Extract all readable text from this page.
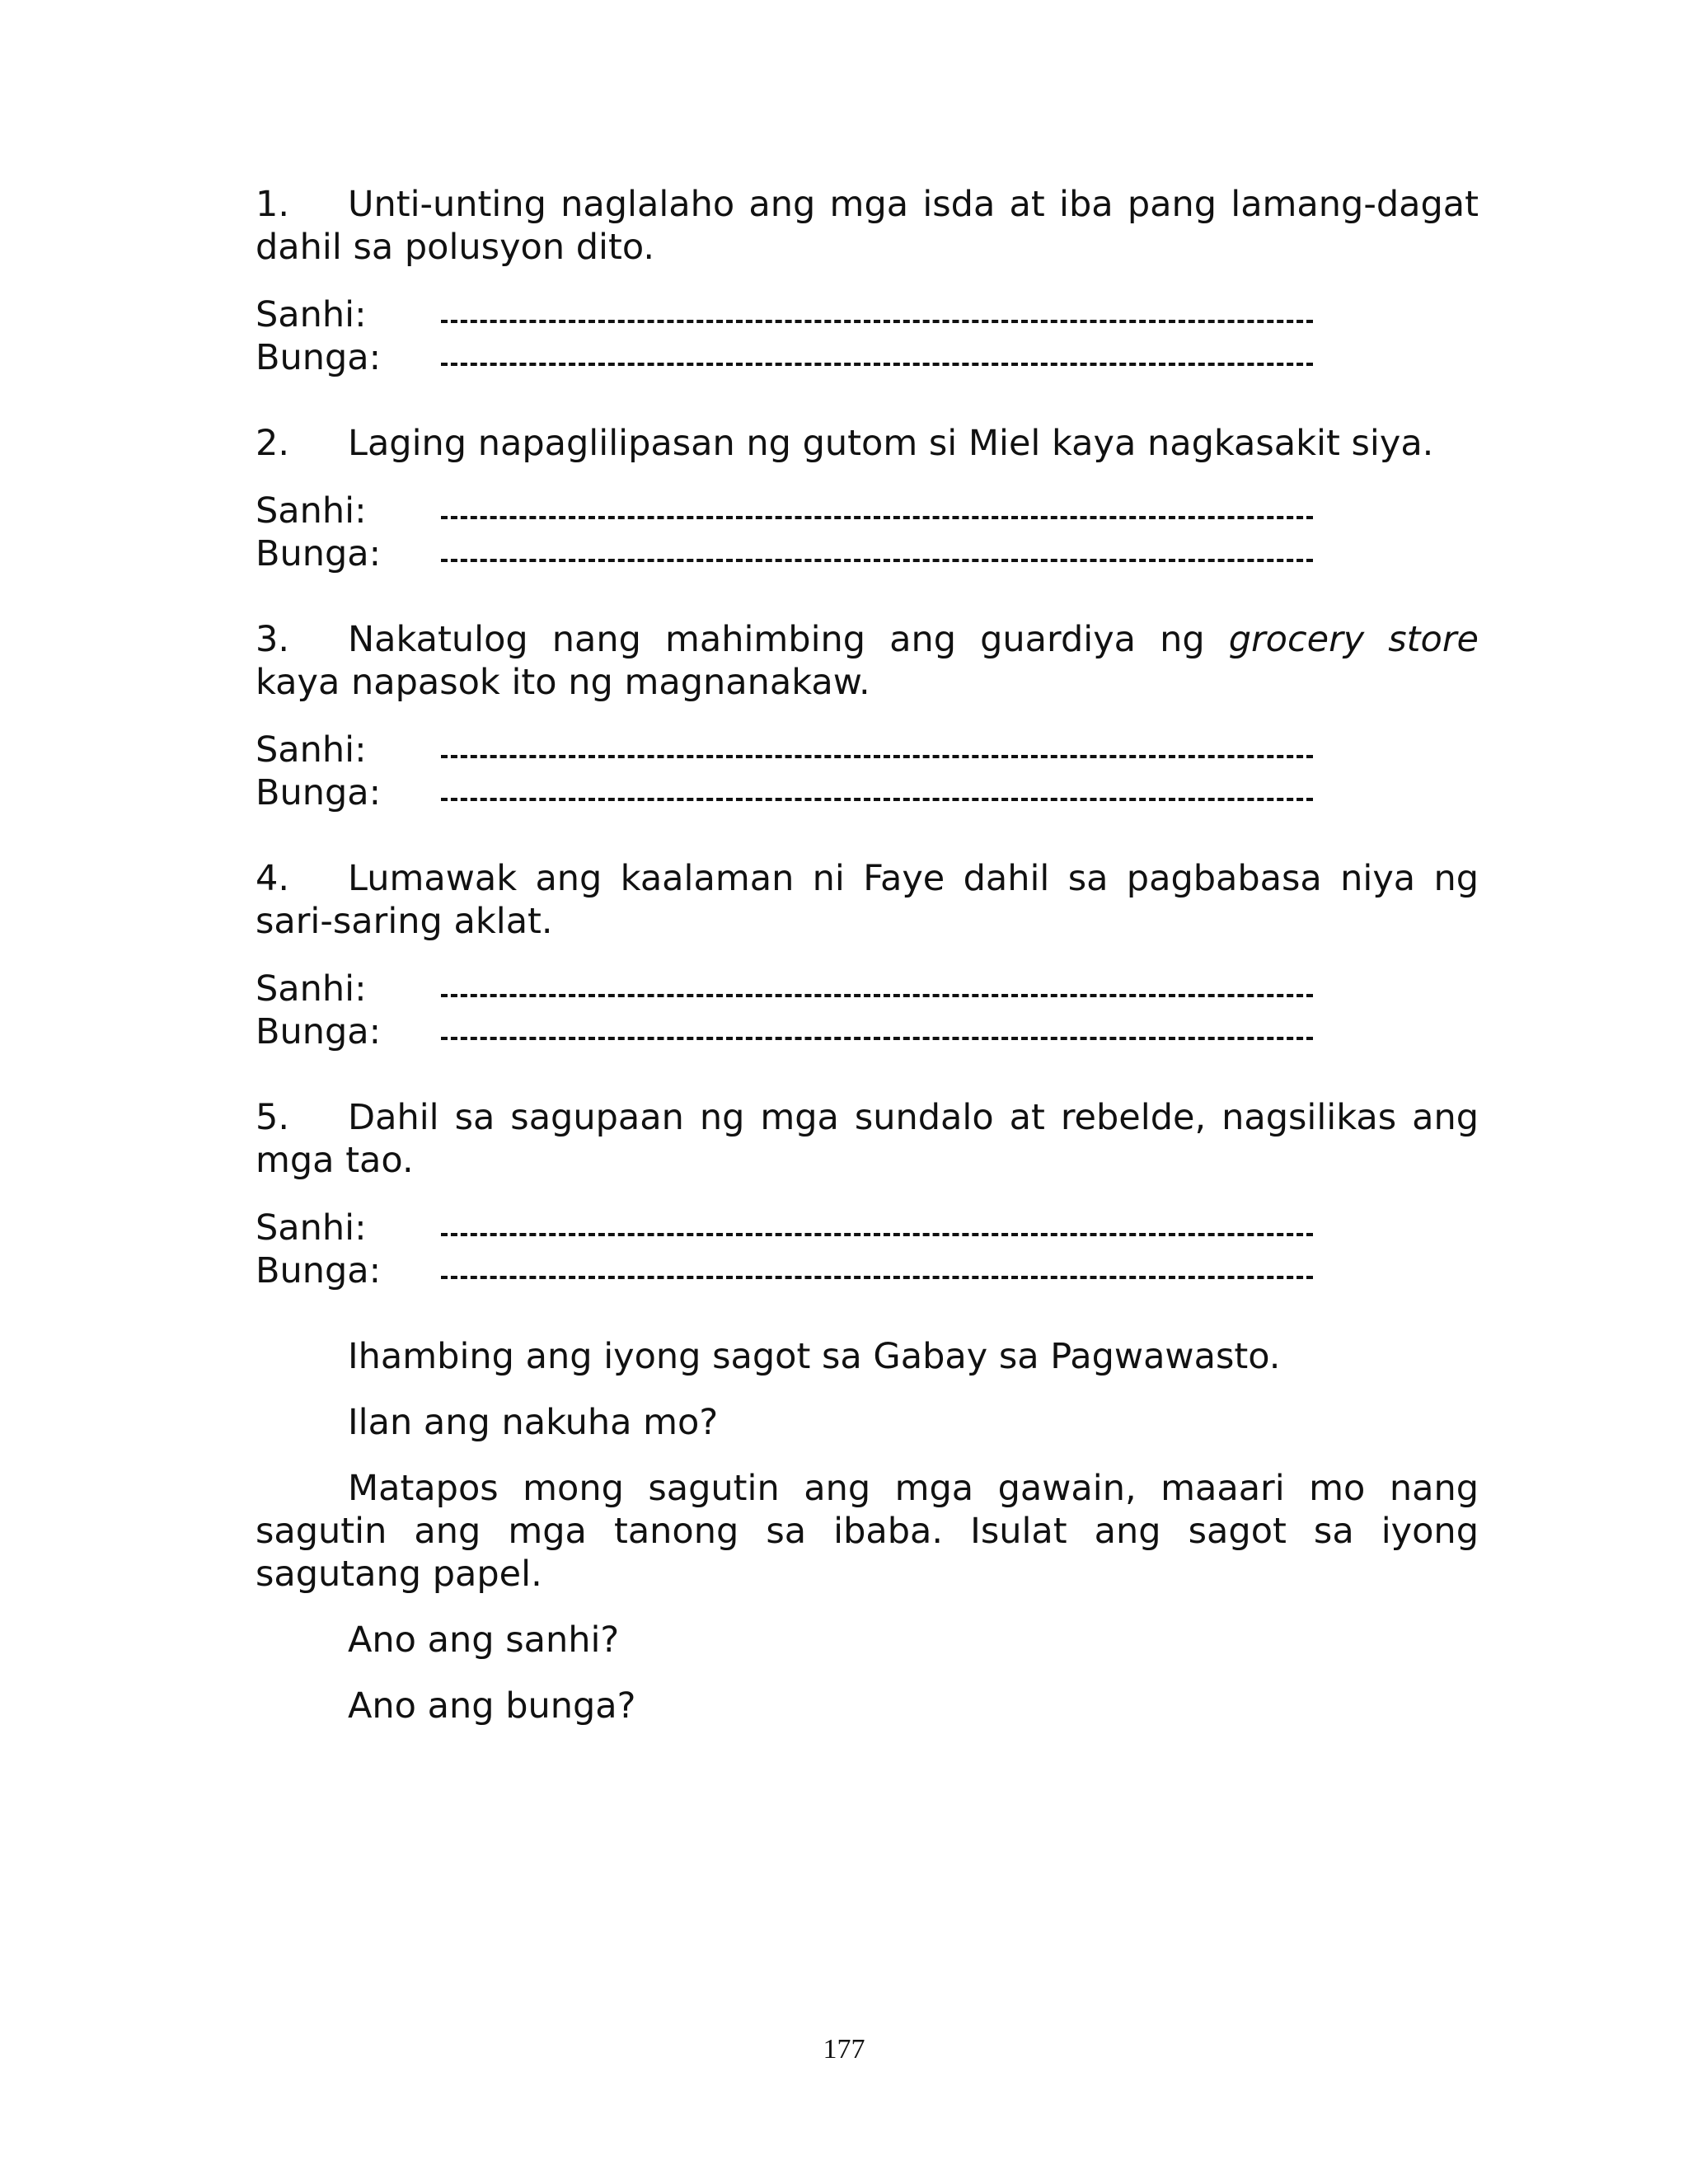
1. Unti-unting naglalaho ang mga isda at iba pang lamang-dagat dahil sa polusyon dito.

Sanhi:
Bunga:

2. Laging napaglilipasan ng gutom si Miel kaya nagkasakit siya.

Sanhi:
Bunga:

3. Nakatulog nang mahimbing ang guardiya ng grocery store kaya napasok ito ng magnanakaw.

Sanhi:
Bunga:

4. Lumawak ang kaalaman ni Faye dahil sa pagbabasa niya ng sari-saring aklat.

Sanhi:
Bunga:

5. Dahil sa sagupaan ng mga sundalo at rebelde, nagsilikas ang mga tao.

Sanhi:
Bunga:

Ihambing ang iyong sagot sa Gabay sa Pagwawasto.

Ilan ang nakuha mo?

Matapos mong sagutin ang mga gawain, maaari mo nang sagutin ang mga tanong sa ibaba. Isulat ang sagot sa iyong sagutang papel.

Ano ang sanhi?

Ano ang bunga?

177
